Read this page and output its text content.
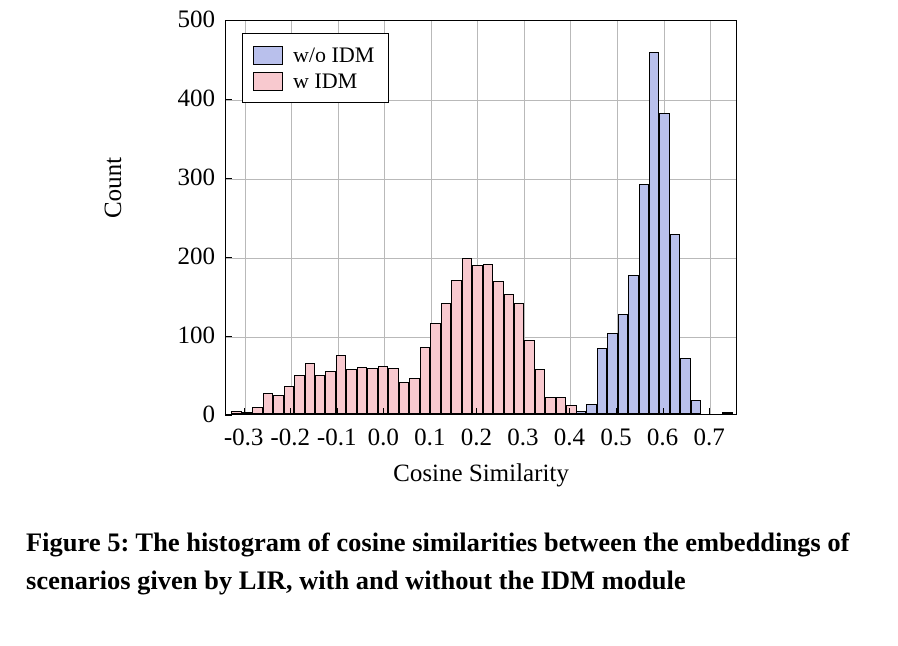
Count
Cosine Similarity
-0.3 -0.2 -0.1 0.0 0.1 0.2 0.3 0.4 0.5 0.6 0.7
0
100
200
300
400
500
w/o IDM
w IDM
Figure 5: The histogram of cosine similarities between the embeddings of scenarios given by LIR, with and without the IDM module
